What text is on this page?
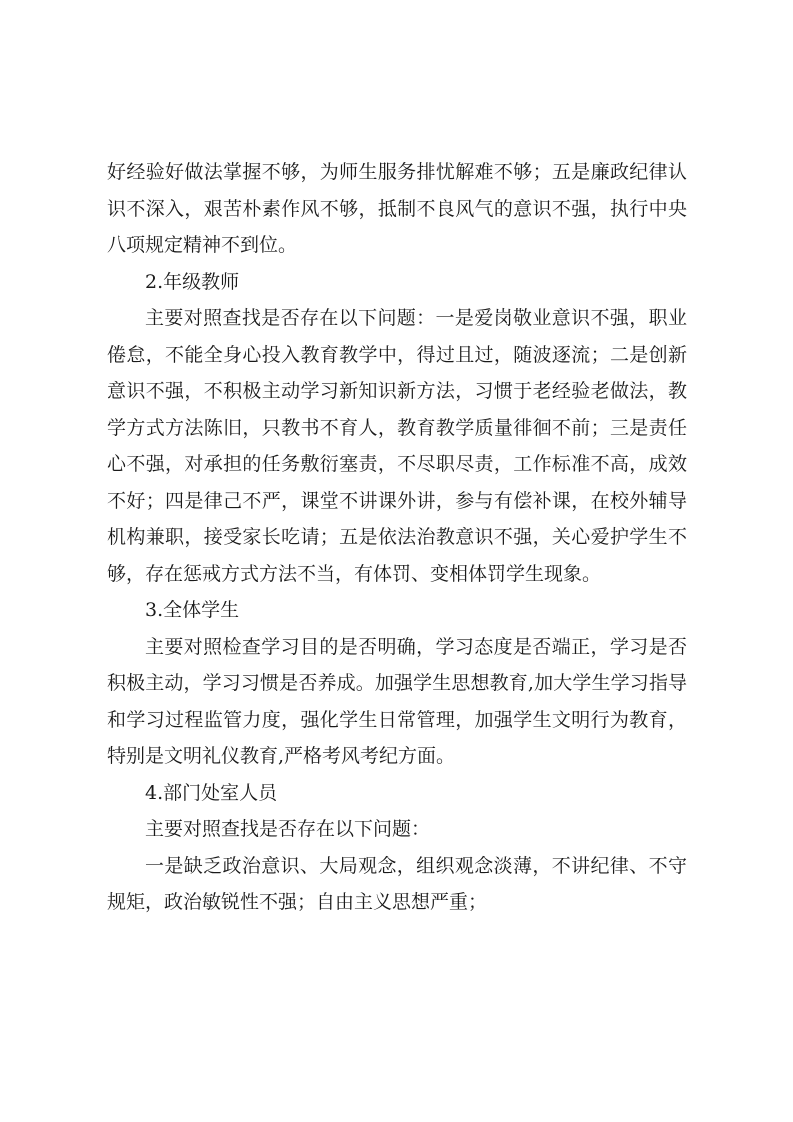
好经验好做法掌握不够，为师生服务排忧解难不够；五是廉政纪律认识不深入，艰苦朴素作风不够，抵制不良风气的意识不强，执行中央八项规定精神不到位。

2.年级教师

主要对照查找是否存在以下问题：一是爱岗敬业意识不强，职业倦怠，不能全身心投入教育教学中，得过且过，随波逐流；二是创新意识不强，不积极主动学习新知识新方法，习惯于老经验老做法，教学方式方法陈旧，只教书不育人，教育教学质量徘徊不前；三是责任心不强，对承担的任务敷衍塞责，不尽职尽责，工作标准不高，成效不好；四是律己不严，课堂不讲课外讲，参与有偿补课，在校外辅导机构兼职，接受家长吃请；五是依法治教意识不强，关心爱护学生不够，存在惩戒方式方法不当，有体罚、变相体罚学生现象。

3.全体学生

主要对照检查学习目的是否明确，学习态度是否端正，学习是否积极主动，学习习惯是否养成。加强学生思想教育,加大学生学习指导和学习过程监管力度，强化学生日常管理，加强学生文明行为教育，特别是文明礼仪教育,严格考风考纪方面。

4.部门处室人员

主要对照查找是否存在以下问题：

一是缺乏政治意识、大局观念，组织观念淡薄，不讲纪律、不守规矩，政治敏锐性不强；自由主义思想严重；
